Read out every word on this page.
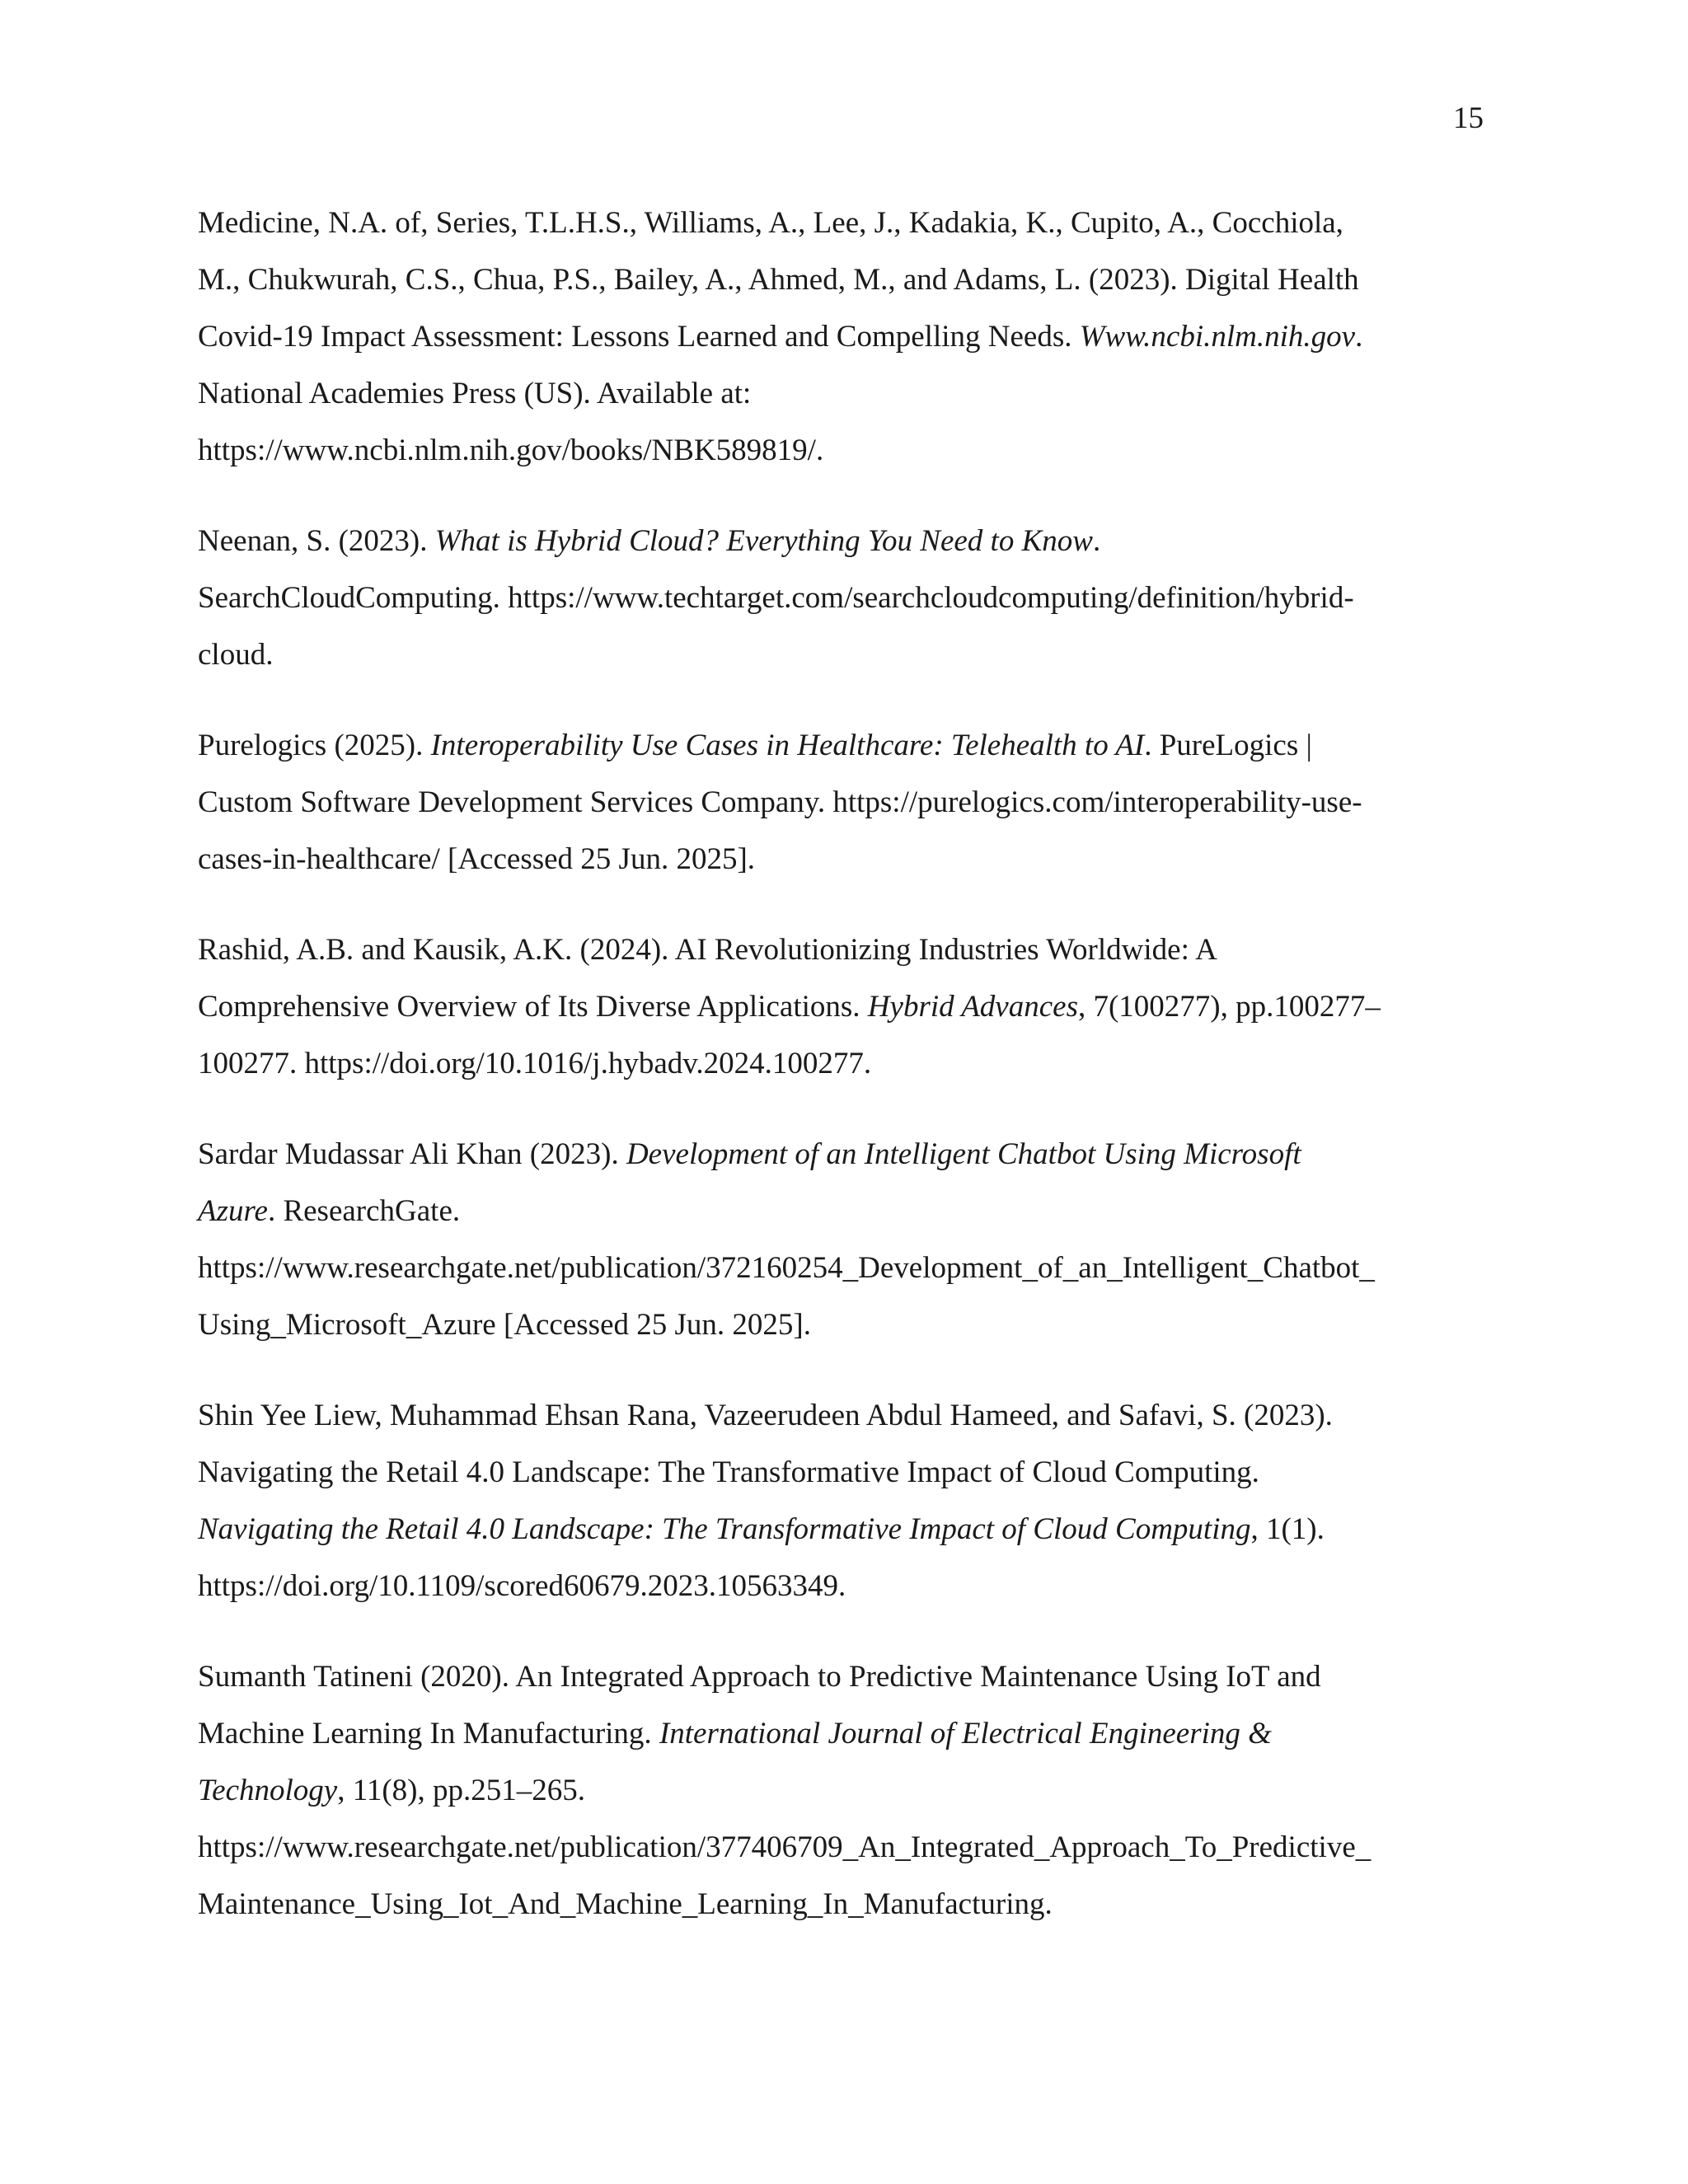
15
Medicine, N.A. of, Series, T.L.H.S., Williams, A., Lee, J., Kadakia, K., Cupito, A., Cocchiola,
M., Chukwurah, C.S., Chua, P.S., Bailey, A., Ahmed, M., and Adams, L. (2023). Digital Health
Covid-19 Impact Assessment: Lessons Learned and Compelling Needs. Www.ncbi.nlm.nih.gov.
National Academies Press (US). Available at:
https://www.ncbi.nlm.nih.gov/books/NBK589819/.
Neenan, S. (2023). What is Hybrid Cloud? Everything You Need to Know.
SearchCloudComputing. https://www.techtarget.com/searchcloudcomputing/definition/hybrid-
cloud.
Purelogics (2025). Interoperability Use Cases in Healthcare: Telehealth to AI. PureLogics |
Custom Software Development Services Company. https://purelogics.com/interoperability-use-
cases-in-healthcare/ [Accessed 25 Jun. 2025].
Rashid, A.B. and Kausik, A.K. (2024). AI Revolutionizing Industries Worldwide: A
Comprehensive Overview of Its Diverse Applications. Hybrid Advances, 7(100277), pp.100277–
100277. https://doi.org/10.1016/j.hybadv.2024.100277.
Sardar Mudassar Ali Khan (2023). Development of an Intelligent Chatbot Using Microsoft
Azure. ResearchGate.
https://www.researchgate.net/publication/372160254_Development_of_an_Intelligent_Chatbot_
Using_Microsoft_Azure [Accessed 25 Jun. 2025].
Shin Yee Liew, Muhammad Ehsan Rana, Vazeerudeen Abdul Hameed, and Safavi, S. (2023).
Navigating the Retail 4.0 Landscape: The Transformative Impact of Cloud Computing.
Navigating the Retail 4.0 Landscape: The Transformative Impact of Cloud Computing, 1(1).
https://doi.org/10.1109/scored60679.2023.10563349.
Sumanth Tatineni (2020). An Integrated Approach to Predictive Maintenance Using IoT and
Machine Learning In Manufacturing. International Journal of Electrical Engineering &
Technology, 11(8), pp.251–265.
https://www.researchgate.net/publication/377406709_An_Integrated_Approach_To_Predictive_
Maintenance_Using_Iot_And_Machine_Learning_In_Manufacturing.
